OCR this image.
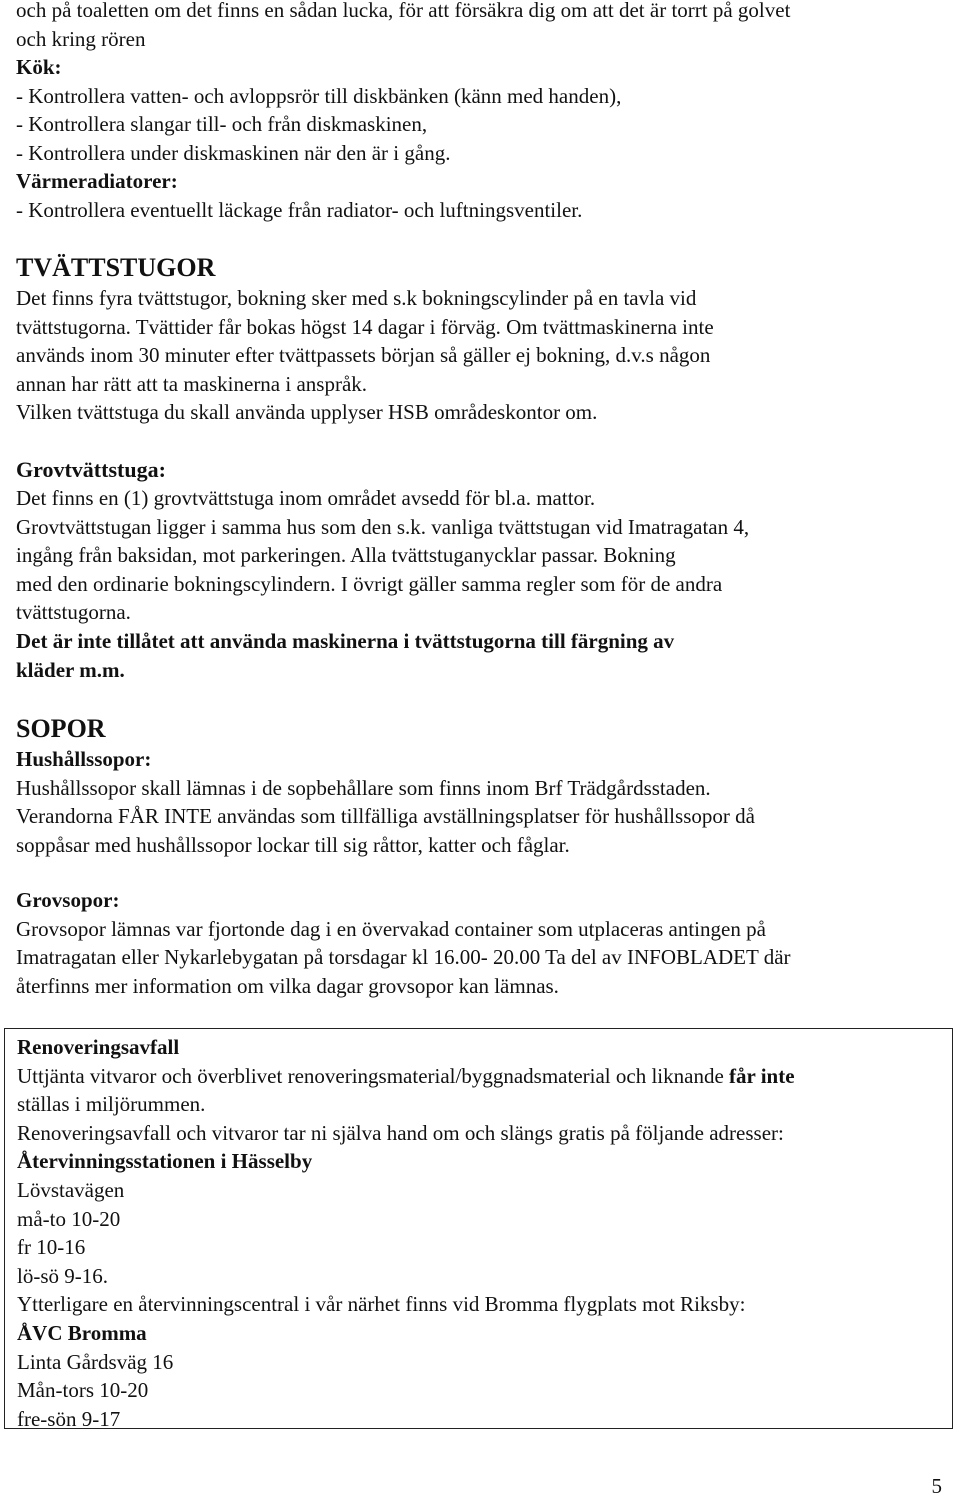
och på toaletten om det finns en sådan lucka, för att försäkra dig om att det är torrt på golvet

och kring rören

Kök:

- Kontrollera vatten- och avloppsrör till diskbänken (känn med handen),

- Kontrollera slangar till- och från diskmaskinen,

- Kontrollera under diskmaskinen när den är i gång.

Värmeradiatorer:

- Kontrollera eventuellt läckage från radiator- och luftningsventiler.

TVÄTTSTUGOR

Det finns fyra tvättstugor, bokning sker med s.k bokningscylinder på en tavla vid

tvättstugorna. Tvättider får bokas högst 14 dagar i förväg. Om tvättmaskinerna inte

används inom 30 minuter efter tvättpassets början så gäller ej bokning, d.v.s någon

annan har rätt att ta maskinerna i anspråk.

Vilken tvättstuga du skall använda upplyser HSB områdeskontor om.

Grovtvättstuga:

Det finns en (1) grovtvättstuga inom området avsedd för bl.a. mattor.

Grovtvättstugan ligger i samma hus som den s.k. vanliga tvättstugan vid Imatragatan 4,

ingång från baksidan, mot parkeringen. Alla tvättstuganycklar passar. Bokning

med den ordinarie bokningscylindern. I övrigt gäller samma regler som för de andra

tvättstugorna.

Det är inte tillåtet att använda maskinerna i tvättstugorna till färgning av

kläder m.m.

SOPOR

Hushållssopor:

Hushållssopor skall lämnas i de sopbehållare som finns inom Brf Trädgårdsstaden.

Verandorna FÅR INTE användas som tillfälliga avställningsplatser för hushållssopor då

soppåsar med hushållssopor lockar till sig råttor, katter och fåglar.

Grovsopor:

Grovsopor lämnas var fjortonde dag i en övervakad container som utplaceras antingen på

Imatragatan eller Nykarlebygatan på torsdagar kl 16.00- 20.00 Ta del av INFOBLADET där

återfinns mer information om vilka dagar grovsopor kan lämnas.

Renoveringsavfall

Uttjänta vitvaror och överblivet renoveringsmaterial/byggnadsmaterial och liknande får inte

ställas i miljörummen.

Renoveringsavfall och vitvaror tar ni själva hand om och slängs gratis på följande adresser:

Återvinningsstationen i Hässelby

Lövstavägen

må-to 10-20

fr 10-16

lö-sö 9-16.

Ytterligare en återvinningscentral i vår närhet finns vid Bromma flygplats mot Riksby:

ÅVC Bromma

Linta Gårdsväg 16

Mån-tors 10-20

fre-sön 9-17

5
